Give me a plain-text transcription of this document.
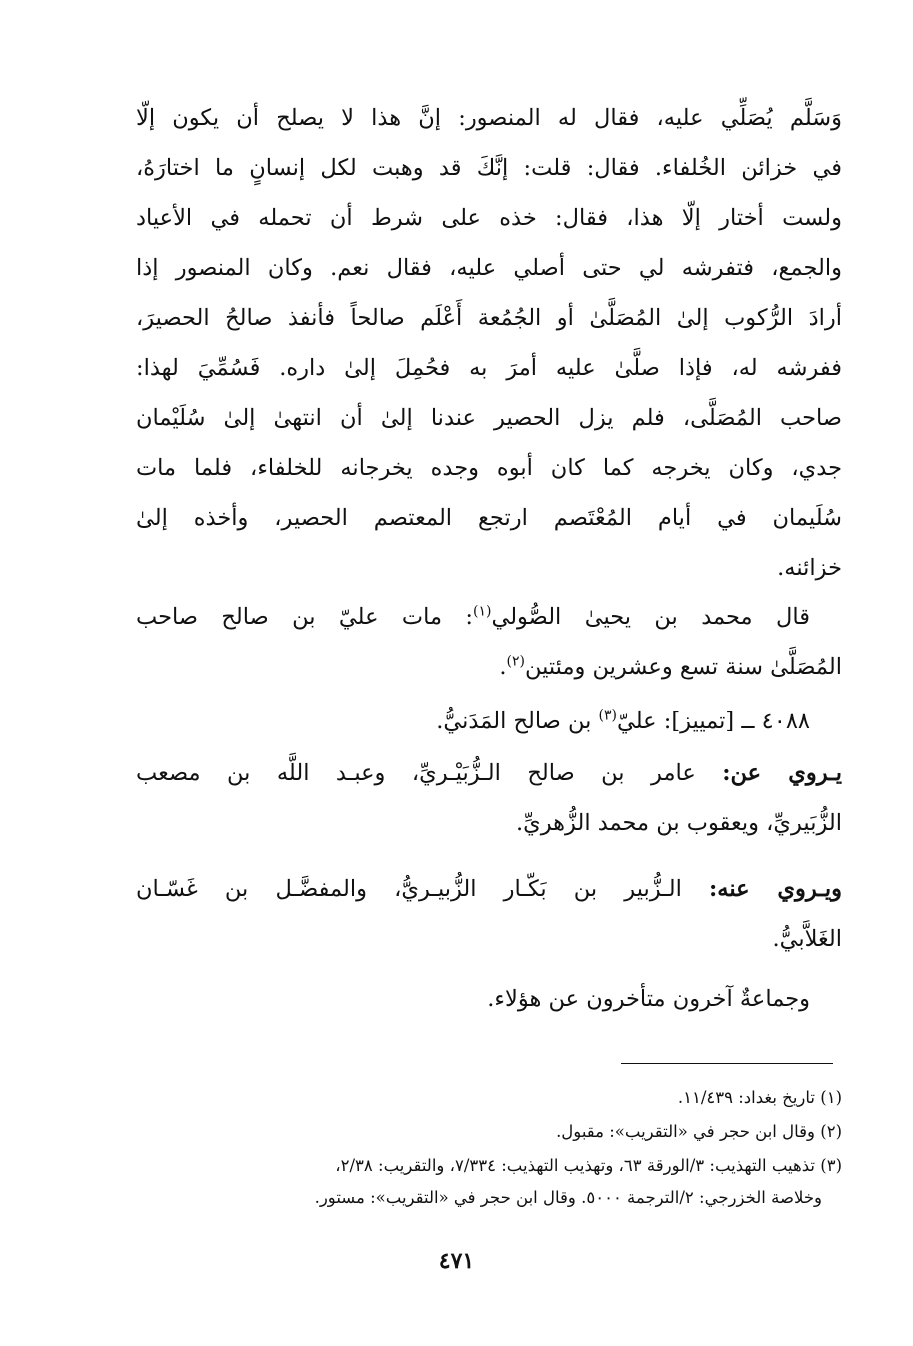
وَسَلَّم يُصَلِّي عليه، فقال له المنصور: إنَّ هذا لا يصلح أن يكون إلّا
في خزائن الخُلفاء. فقال: قلت: إنَّكَ قد وهبت لكل إنسانٍ ما اختارَهُ،
ولست أختار إلّا هذا، فقال: خذه على شرط أن تحمله في الأعياد
والجمع، فتفرشه لي حتى أصلي عليه، فقال نعم. وكان المنصور إذا
أرادَ الرُّكوب إلىٰ المُصَلَّىٰ أو الجُمُعة أَعْلَم صالحاً فأنفذ صالحُ الحصيرَ،
ففرشه له، فإذا صلَّىٰ عليه أمرَ به فحُمِلَ إلىٰ داره. فَسُمِّيَ لهذا:
صاحب المُصَلَّى، فلم يزل الحصير عندنا إلىٰ أن انتهىٰ إلىٰ سُلَيْمان
جدي، وكان يخرجه كما كان أبوه وجده يخرجانه للخلفاء، فلما مات
سُلَيمان في أيام المُعْتَصم ارتجع المعتصم الحصير، وأخذه إلىٰ
خزائنه.
قال محمد بن يحيىٰ الصُّولي$^{(١)}$: مات عليّ بن صالح صاحب
المُصَلَّىٰ سنة تسع وعشرين ومئتين$^{(٢)}$.
٤٠٨٨ ــ [تمييز]: عليّ$^{(٣)}$ بن صالح المَدَنيُّ.
يـروي عن: عامر بن صالح الـزُّبَيْـريِّ، وعبـد اللَّه بن مصعب
الزُّبَيريِّ، ويعقوب بن محمد الزُّهريِّ.
ويـروي عنه: الـزُّبير بن بَكّـار الزُّبيـريُّ، والمفضَّـل بن غَسّـان
الغَلاَّبيُّ.
وجماعةٌ آخرون متأخرون عن هؤلاء.
(١) تاريخ بغداد: ١١/٤٣٩.
(٢) وقال ابن حجر في «التقريب»: مقبول.
(٣) تذهيب التهذيب: ٣/الورقة ٦٣، وتهذيب التهذيب: ٧/٣٣٤، والتقريب: ٢/٣٨،
وخلاصة الخزرجي: ٢/الترجمة ٥٠٠٠. وقال ابن حجر في «التقريب»: مستور.
٤٧١
